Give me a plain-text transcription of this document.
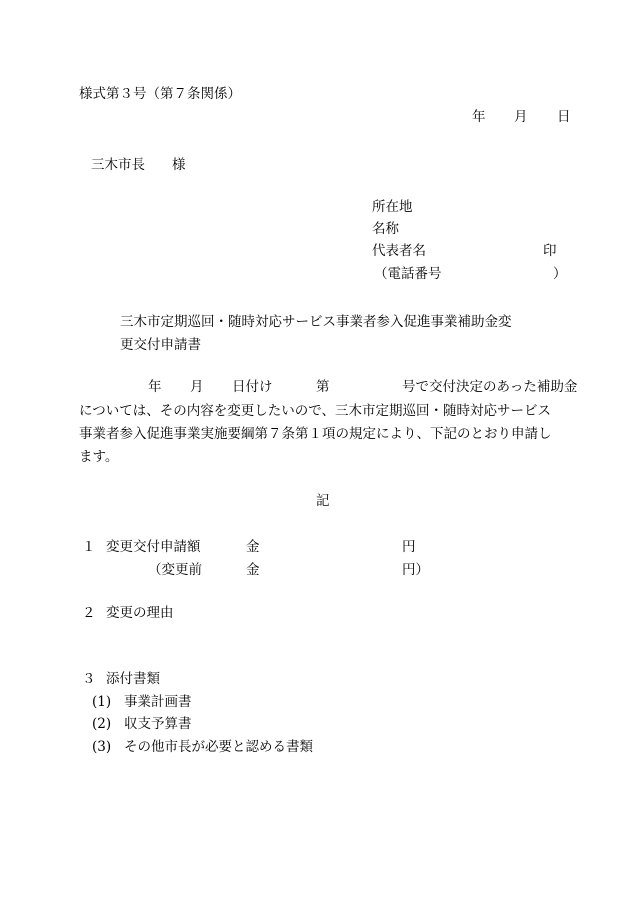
様式第３号（第７条関係）
年 月 日
三木市長　　様
所在地
名称
代表者名	印
（電話番号	）
三木市定期巡回・随時対応サービス事業者参入促進事業補助金変
更交付申請書
年 月 日付け	第	号で交付決定のあった補助金
については、その内容を変更したいので、三木市定期巡回・随時対応サービス
事業者参入促進事業実施要綱第７条第１項の規定により、下記のとおり申請し
ます。
記
１ 変更交付申請額	金	円
（変更前	金	円）
２ 変更の理由
３ 添付書類
(1) 事業計画書
(2) 収支予算書
(3) その他市長が必要と認める書類
